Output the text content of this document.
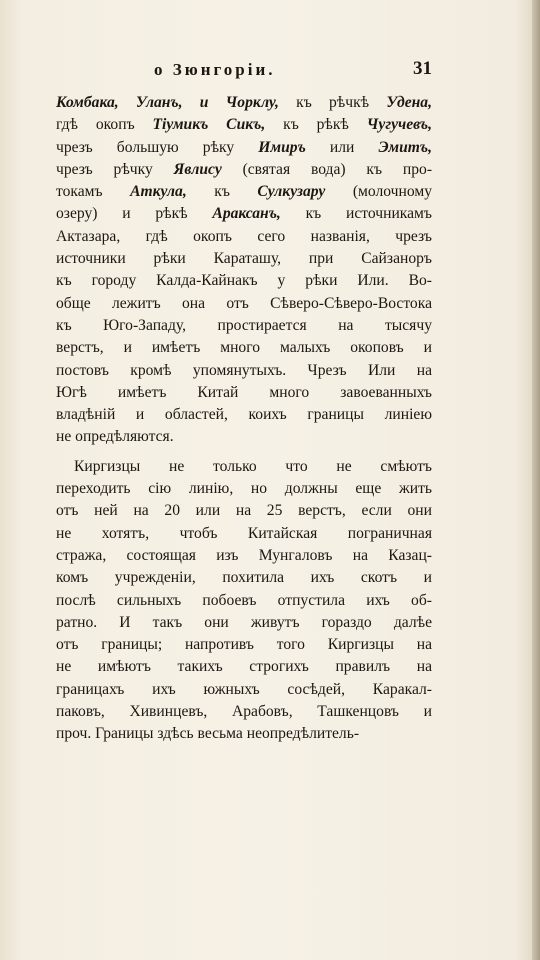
о Зюнгоріи.	31
Комбака, Уланъ, и Чорклу, къ рѣчкѣ Удена,
гдѣ окопъ Тіумикъ Сикъ, къ рѣкѣ Чугучевъ,
чрезъ большую рѣку Имиръ или Эмитъ,
чрезъ рѣчку Явлису (святая вода) къ про-
токамъ Аткула, къ Сулкузару (молочному
озеру) и рѣкѣ Араксанъ, къ источникамъ
Актазара, гдѣ окопъ сего названія, чрезъ
источники рѣки Караташу, при Сайзаноръ
къ городу Калда-Кайнакъ у рѣки Или. Во-
обще лежитъ она отъ Сѣверо-Сѣверо-Востока
къ Юго-Западу, простирается на тысячу
верстъ, и имѣетъ много малыхъ окоповъ и
постовъ кромѣ упомянутыхъ. Чрезъ Или на
Югѣ имѣетъ Китай много завоеванныхъ
владѣній и областей, коихъ границы линіею
не опредѣляются.
Киргизцы не только что не смѣютъ
переходить сію линію, но должны еще жить
отъ ней на 20 или на 25 верстъ, если они
не хотятъ, чтобъ Китайская пограничная
стража, состоящая изъ Мунгаловъ на Казац-
комъ учрежденіи, похитила ихъ скотъ и
послѣ сильныхъ побоевъ отпустила ихъ об-
ратно. И такъ они живутъ гораздо далѣе
отъ границы; напротивъ того Киргизцы на
не имѣютъ такихъ строгихъ правилъ на
границахъ ихъ южныхъ сосѣдей, Каракал-
паковъ, Хивинцевъ, Арабовъ, Ташкенцовъ и
проч. Границы здѣсь весьма неопредѣлитель-
